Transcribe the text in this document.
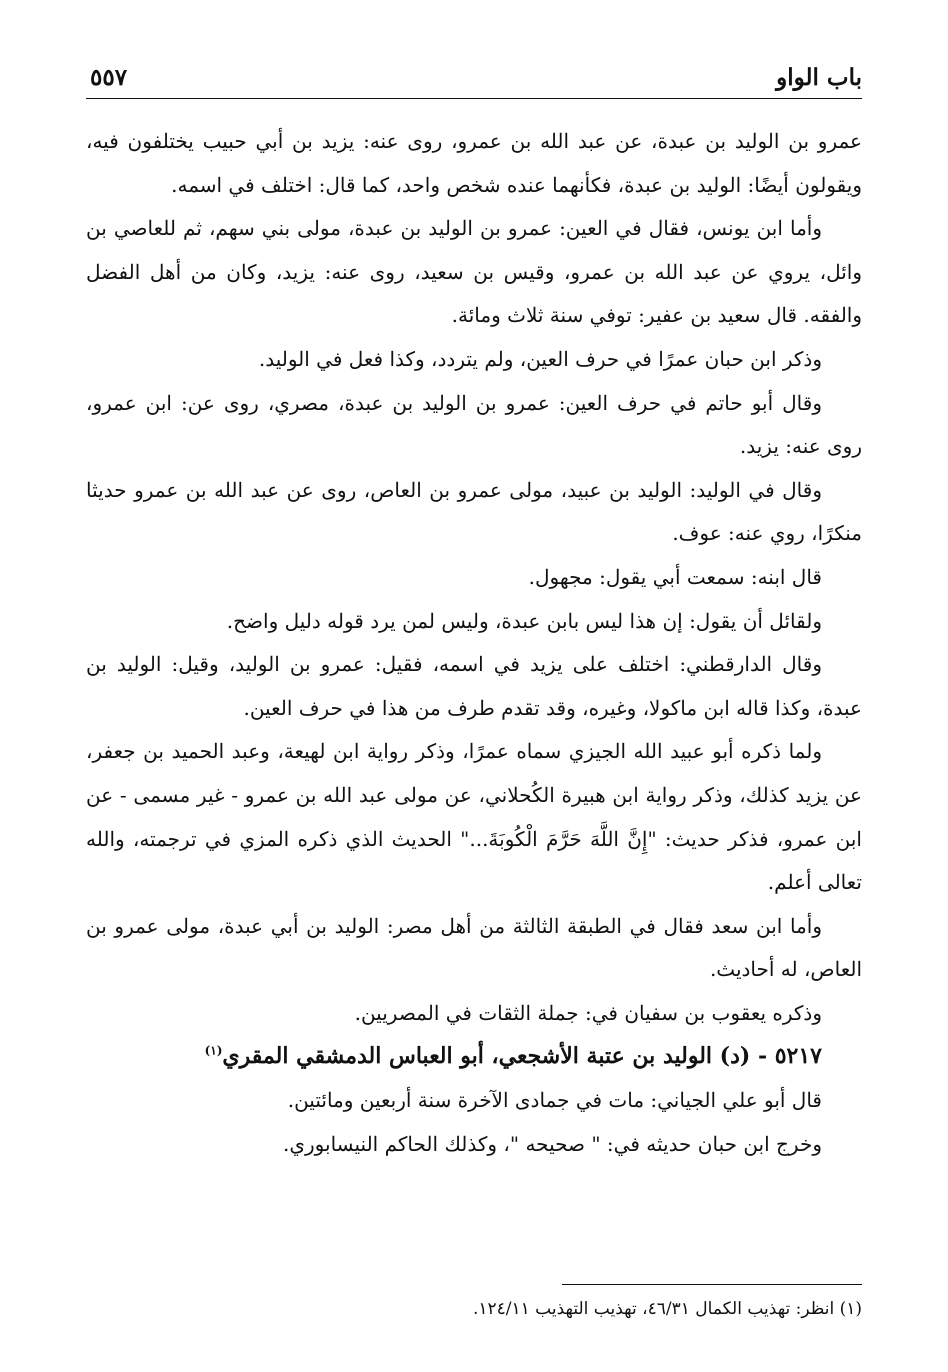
باب الواو
٥٥٧

عمرو بن الوليد بن عبدة، عن عبد الله بن عمرو، روى عنه: يزيد بن أبي حبيب يختلفون فيه، ويقولون أيضًا: الوليد بن عبدة، فكأنهما عنده شخص واحد، كما قال: اختلف في اسمه.

وأما ابن يونس، فقال في العين: عمرو بن الوليد بن عبدة، مولى بني سهم، ثم للعاصي بن وائل، يروي عن عبد الله بن عمرو، وقيس بن سعيد، روى عنه: يزيد، وكان من أهل الفضل والفقه. قال سعيد بن عفير: توفي سنة ثلاث ومائة.

وذكر ابن حبان عمرًا في حرف العين، ولم يتردد، وكذا فعل في الوليد.

وقال أبو حاتم في حرف العين: عمرو بن الوليد بن عبدة، مصري، روى عن: ابن عمرو، روى عنه: يزيد.

وقال في الوليد: الوليد بن عبيد، مولى عمرو بن العاص، روى عن عبد الله بن عمرو حديثا منكرًا، روي عنه: عوف.

قال ابنه: سمعت أبي يقول: مجهول.

ولقائل أن يقول: إن هذا ليس بابن عبدة، وليس لمن يرد قوله دليل واضح.

وقال الدارقطني: اختلف على يزيد في اسمه، فقيل: عمرو بن الوليد، وقيل: الوليد بن عبدة، وكذا قاله ابن ماكولا، وغيره، وقد تقدم طرف من هذا في حرف العين.

ولما ذكره أبو عبيد الله الجيزي سماه عمرًا، وذكر رواية ابن لهيعة، وعبد الحميد بن جعفر، عن يزيد كذلك، وذكر رواية ابن هبيرة الكُحلاني، عن مولى عبد الله بن عمرو - غير مسمى - عن ابن عمرو، فذكر حديث: "إِنَّ اللَّهَ حَرَّمَ الْكُوبَةَ..." الحديث الذي ذكره المزي في ترجمته، والله تعالى أعلم.

وأما ابن سعد فقال في الطبقة الثالثة من أهل مصر: الوليد بن أبي عبدة، مولى عمرو بن العاص، له أحاديث.

وذكره يعقوب بن سفيان في: جملة الثقات في المصريين.

٥٢١٧ - (د) الوليد بن عتبة الأشجعي، أبو العباس الدمشقي المقري$^{(١)}$

قال أبو علي الجياني: مات في جمادى الآخرة سنة أربعين ومائتين.

وخرج ابن حبان حديثه في: " صحيحه "، وكذلك الحاكم النيسابوري.

(١) انظر: تهذيب الكمال ٤٦/٣١، تهذيب التهذيب ١٢٤/١١.
